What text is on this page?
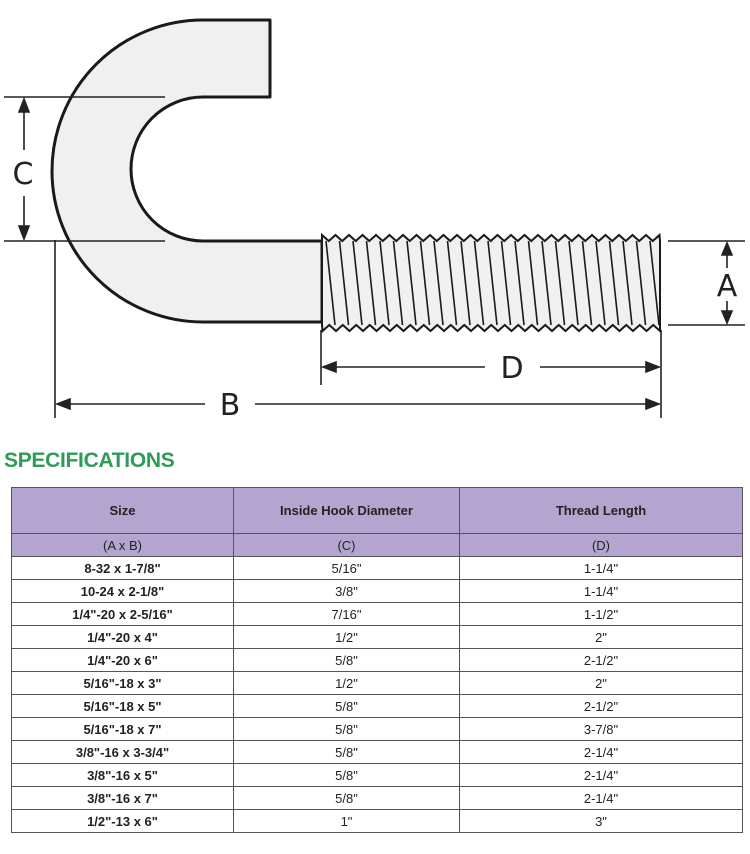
C
A
D
B
SPECIFICATIONS
Size	Inside Hook Diameter	Thread Length
(A x B)	(C)	(D)
8-32 x 1-7/8"	5/16"	1-1/4"
10-24 x 2-1/8"	3/8"	1-1/4"
1/4"-20 x 2-5/16"	7/16"	1-1/2"
1/4"-20 x 4"	1/2"	2"
1/4"-20 x 6"	5/8"	2-1/2"
5/16"-18 x 3"	1/2"	2"
5/16"-18 x 5"	5/8"	2-1/2"
5/16"-18 x 7"	5/8"	3-7/8"
3/8"-16 x 3-3/4"	5/8"	2-1/4"
3/8"-16 x 5"	5/8"	2-1/4"
3/8"-16 x 7"	5/8"	2-1/4"
1/2"-13 x 6"	1"	3"
